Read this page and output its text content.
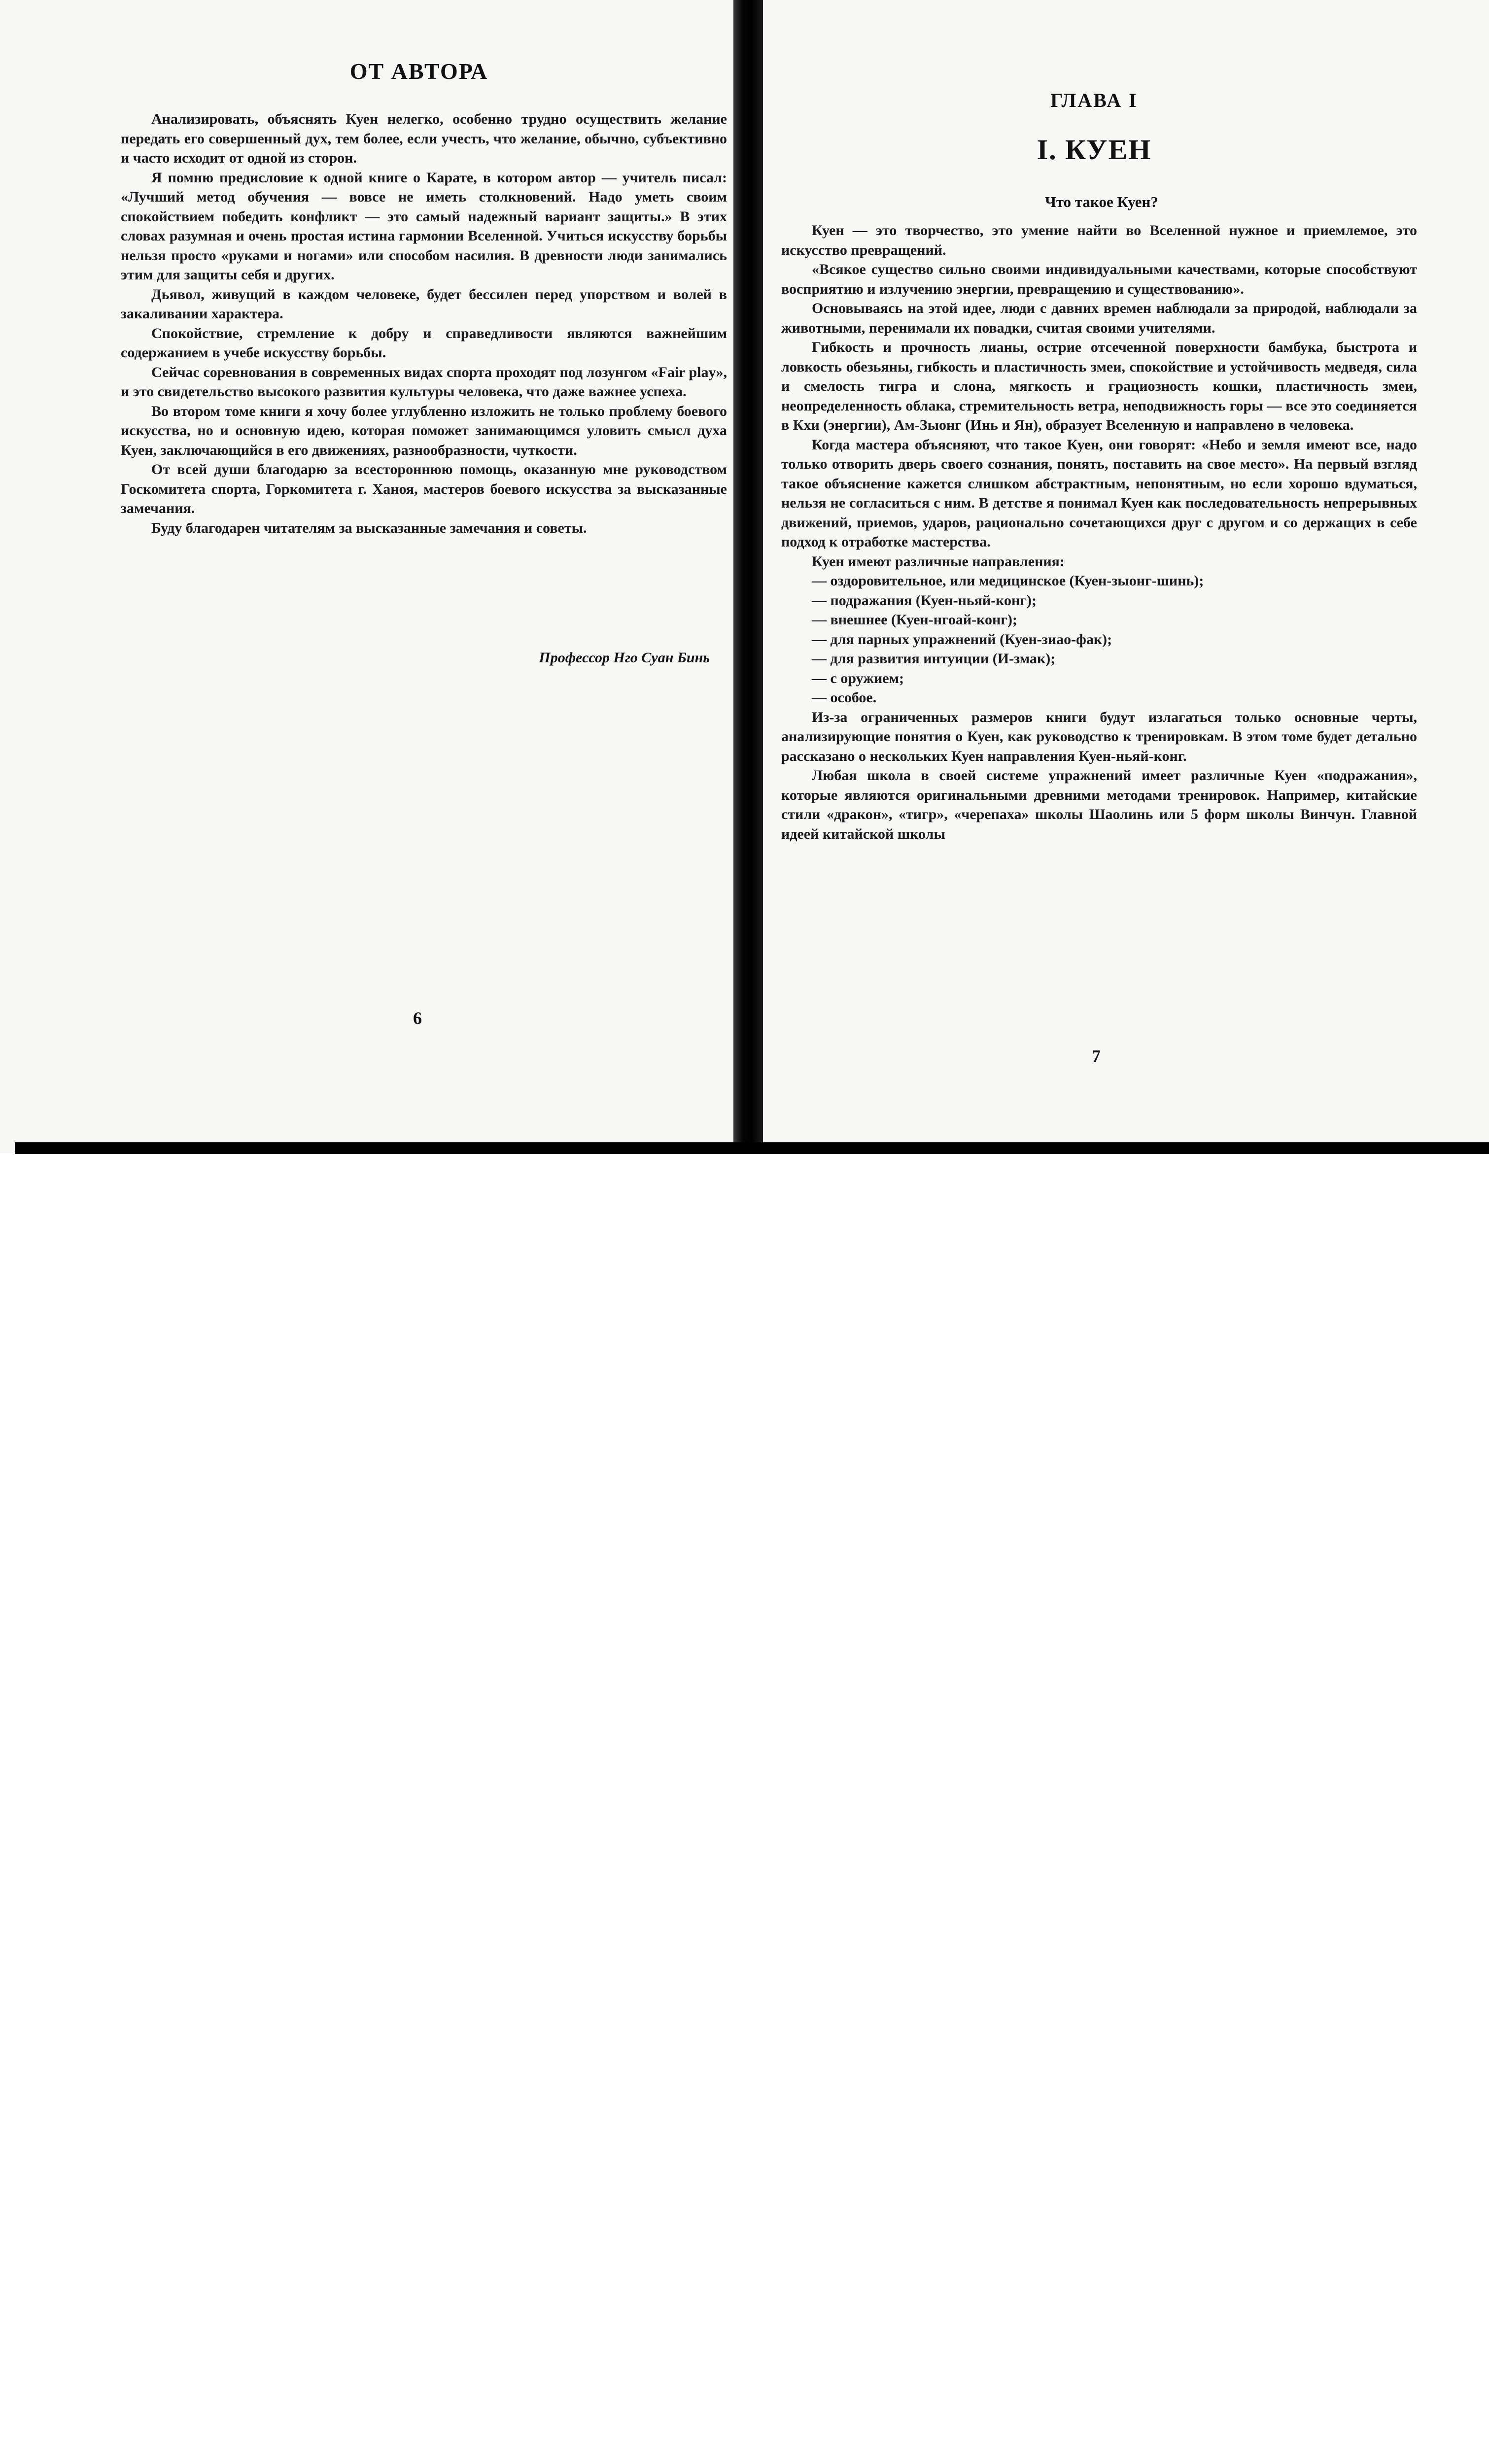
ОТ АВТОРА

Анализировать, объяснять Куен нелегко, особенно трудно осуществить желание передать его совершенный дух, тем более, если учесть, что желание, обычно, субъективно и часто исходит от одной из сторон.

Я помню предисловие к одной книге о Карате, в котором автор — учитель писал: «Лучший метод обучения — вовсе не иметь столкновений. Надо уметь своим спокойствием победить конфликт — это самый надежный вариант защиты.» В этих словах разумная и очень простая истина гармонии Вселенной. Учиться искусству борьбы нельзя просто «руками и ногами» или способом насилия. В древности люди занимались этим для защиты себя и других.

Дьявол, живущий в каждом человеке, будет бессилен перед упорством и волей в закаливании характера.

Спокойствие, стремление к добру и справедливости являются важнейшим содержанием в учебе искусству борьбы.

Сейчас соревнования в современных видах спорта проходят под лозунгом «Fair play», и это свидетельство высокого развития культуры человека, что даже важнее успеха.

Во втором томе книги я хочу более углубленно изложить не только проблему боевого искусства, но и основную идею, которая поможет занимающимся уловить смысл духа Куен, заключающийся в его движениях, разнообразности, чуткости.

От всей души благодарю за всестороннюю помощь, оказанную мне руководством Госкомитета спорта, Горкомитета г. Ханоя, мастеров боевого искусства за высказанные замечания.

Буду благодарен читателям за высказанные замечания и советы.

Профессор Нго Суан Бинь
6
ГЛАВА I
I. КУЕН
Что такое Куен?

Куен — это творчество, это умение найти во Вселенной нужное и приемлемое, это искусство превращений.

«Всякое существо сильно своими индивидуальными качествами, которые способствуют восприятию и излучению энергии, превращению и существованию».

Основываясь на этой идее, люди с давних времен наблюдали за природой, наблюдали за животными, перенимали их повадки, считая своими учителями.

Гибкость и прочность лианы, острие отсеченной поверхности бамбука, быстрота и ловкость обезьяны, гибкость и пластичность змеи, спокойствие и устойчивость медведя, сила и смелость тигра и слона, мягкость и грациозность кошки, пластичность змеи, неопределенность облака, стремительность ветра, неподвижность горы — все это соединяется в Кхи (энергии), Ам-Зыонг (Инь и Ян), образует Вселенную и направлено в человека.

Когда мастера объясняют, что такое Куен, они говорят: «Небо и земля имеют все, надо только отворить дверь своего сознания, понять, поставить на свое место». На первый взгляд такое объяснение кажется слишком абстрактным, непонятным, но если хорошо вдуматься, нельзя не согласиться с ним. В детстве я понимал Куен как последовательность непрерывных движений, приемов, ударов, рационально сочетающихся друг с другом и со держащих в себе подход к отработке мастерства.

Куен имеют различные направления:

— оздоровительное, или медицинское (Куен-зыонг-шинь);

— подражания (Куен-ньяй-конг);

— внешнее (Куен-нгоай-конг);

— для парных упражнений (Куен-зиао-фак);

— для развития интуиции (И-змак);

— с оружием;

— особое.

Из-за ограниченных размеров книги будут излагаться только основные черты, анализирующие понятия о Куен, как руководство к тренировкам. В этом томе будет детально рассказано о нескольких Куен направления Куен-ньяй-конг.

Любая школа в своей системе упражнений имеет различные Куен «подражания», которые являются оригинальными древними методами тренировок. Например, китайские стили «дракон», «тигр», «черепаха» школы Шаолинь или 5 форм школы Винчун. Главной идеей китайской школы

7
